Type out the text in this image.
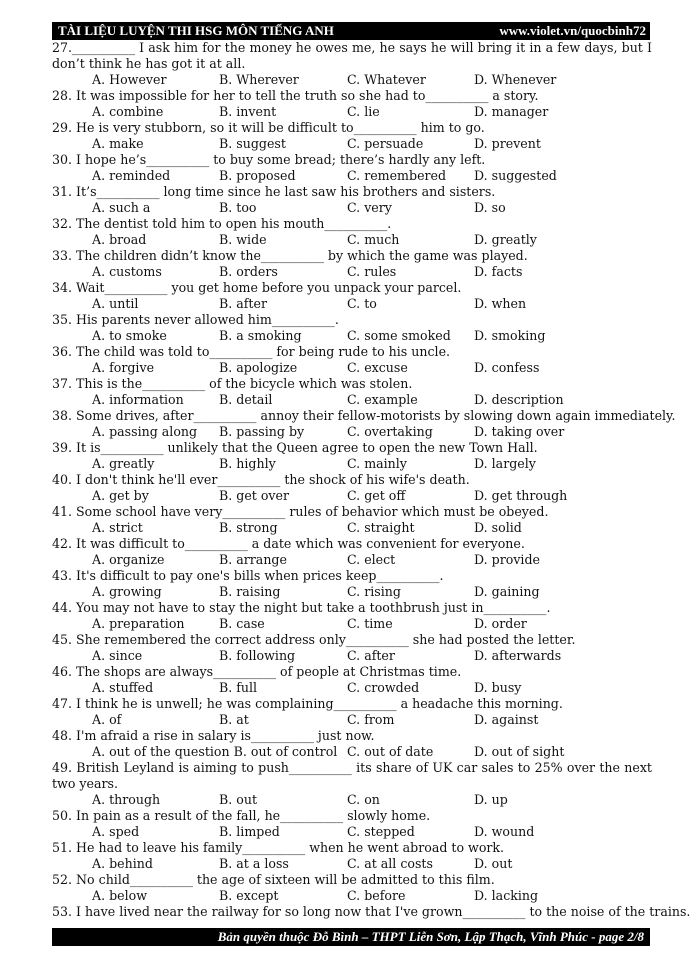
TÀI LIỆU LUYỆN THI HSG MÔN TIẾNG ANH	www.violet.vn/quocbinh72
27.__________ I ask him for the money he owes me, he says he will bring it in a few days, but I don’t think he has got it at all.
A. However	B. Wherever	C. Whatever	D. Whenever
28. It was impossible for her to tell the truth so she had to__________ a story.
A. combine	B. invent	C. lie	D. manager
29. He is very stubborn, so it will be difficult to__________ him to go.
A. make	B. suggest	C. persuade	D. prevent
30. I hope he’s__________ to buy some bread; there’s hardly any left.
A. reminded	B. proposed	C. remembered D. suggested
31. It’s__________ long time since he last saw his brothers and sisters.
A. such a	B. too	C. very	D. so
32. The dentist told him to open his mouth__________.
A. broad	B. wide	C. much	D. greatly
33. The children didn’t know the__________ by which the game was played.
A. customs	B. orders	C. rules	D. facts
34. Wait__________ you get home before you unpack your parcel.
A. until	B. after	C. to	D. when
35. His parents never allowed him__________.
A. to smoke	B. a smoking	C. some smoked D. smoking
36. The child was told to__________ for being rude to his uncle.
A. forgive	B. apologize	C. excuse	D. confess
37. This is the__________ of the bicycle which was stolen.
A. information	B. detail	C. example	D. description
38. Some drives, after__________ annoy their fellow-motorists by slowing down again immediately.
A. passing along B. passing by	C. overtaking	D. taking over
39. It is__________ unlikely that the Queen agree to open the new Town Hall.
A. greatly	B. highly	C. mainly	D. largely
40. I don't think he'll ever__________ the shock of his wife's death.
A. get by	B. get over	C. get off	D. get through
41. Some school have very__________ rules of behavior which must be obeyed.
A. strict	B. strong	C. straight	D. solid
42. It was difficult to__________ a date which was convenient for everyone.
A. organize	B. arrange	C. elect	D. provide
43. It's difficult to pay one's bills when prices keep__________.
A. growing	B. raising	C. rising	D. gaining
44. You may not have to stay the night but take a toothbrush just in__________.
A. preparation	B. case	C. time	D. order
45. She remembered the correct address only__________ she had posted the letter.
A. since	B. following	C. after	D. afterwards
46. The shops are always__________ of people at Christmas time.
A. stuffed	B. full	C. crowded	D. busy
47. I think he is unwell; he was complaining__________ a headache this morning.
A. of	B. at	C. from	D. against
48. I'm afraid a rise in salary is__________ just now.
A. out of the question B. out of control C. out of date	D. out of sight
49. British Leyland is aiming to push__________ its share of UK car sales to 25% over the next two years.
A. through	B. out	C. on	D. up
50. In pain as a result of the fall, he__________ slowly home.
A. sped	B. limped	C. stepped	D. wound
51. He had to leave his family__________ when he went abroad to work.
A. behind	B. at a loss	C. at all costs	D. out
52. No child__________ the age of sixteen will be admitted to this film.
A. below	B. except	C. before	D. lacking
53. I have lived near the railway for so long now that I've grown__________ to the noise of the trains.
Bản quyền thuộc Đỗ Bình – THPT Liễn Sơn, Lập Thạch, Vĩnh Phúc - page 2/8
